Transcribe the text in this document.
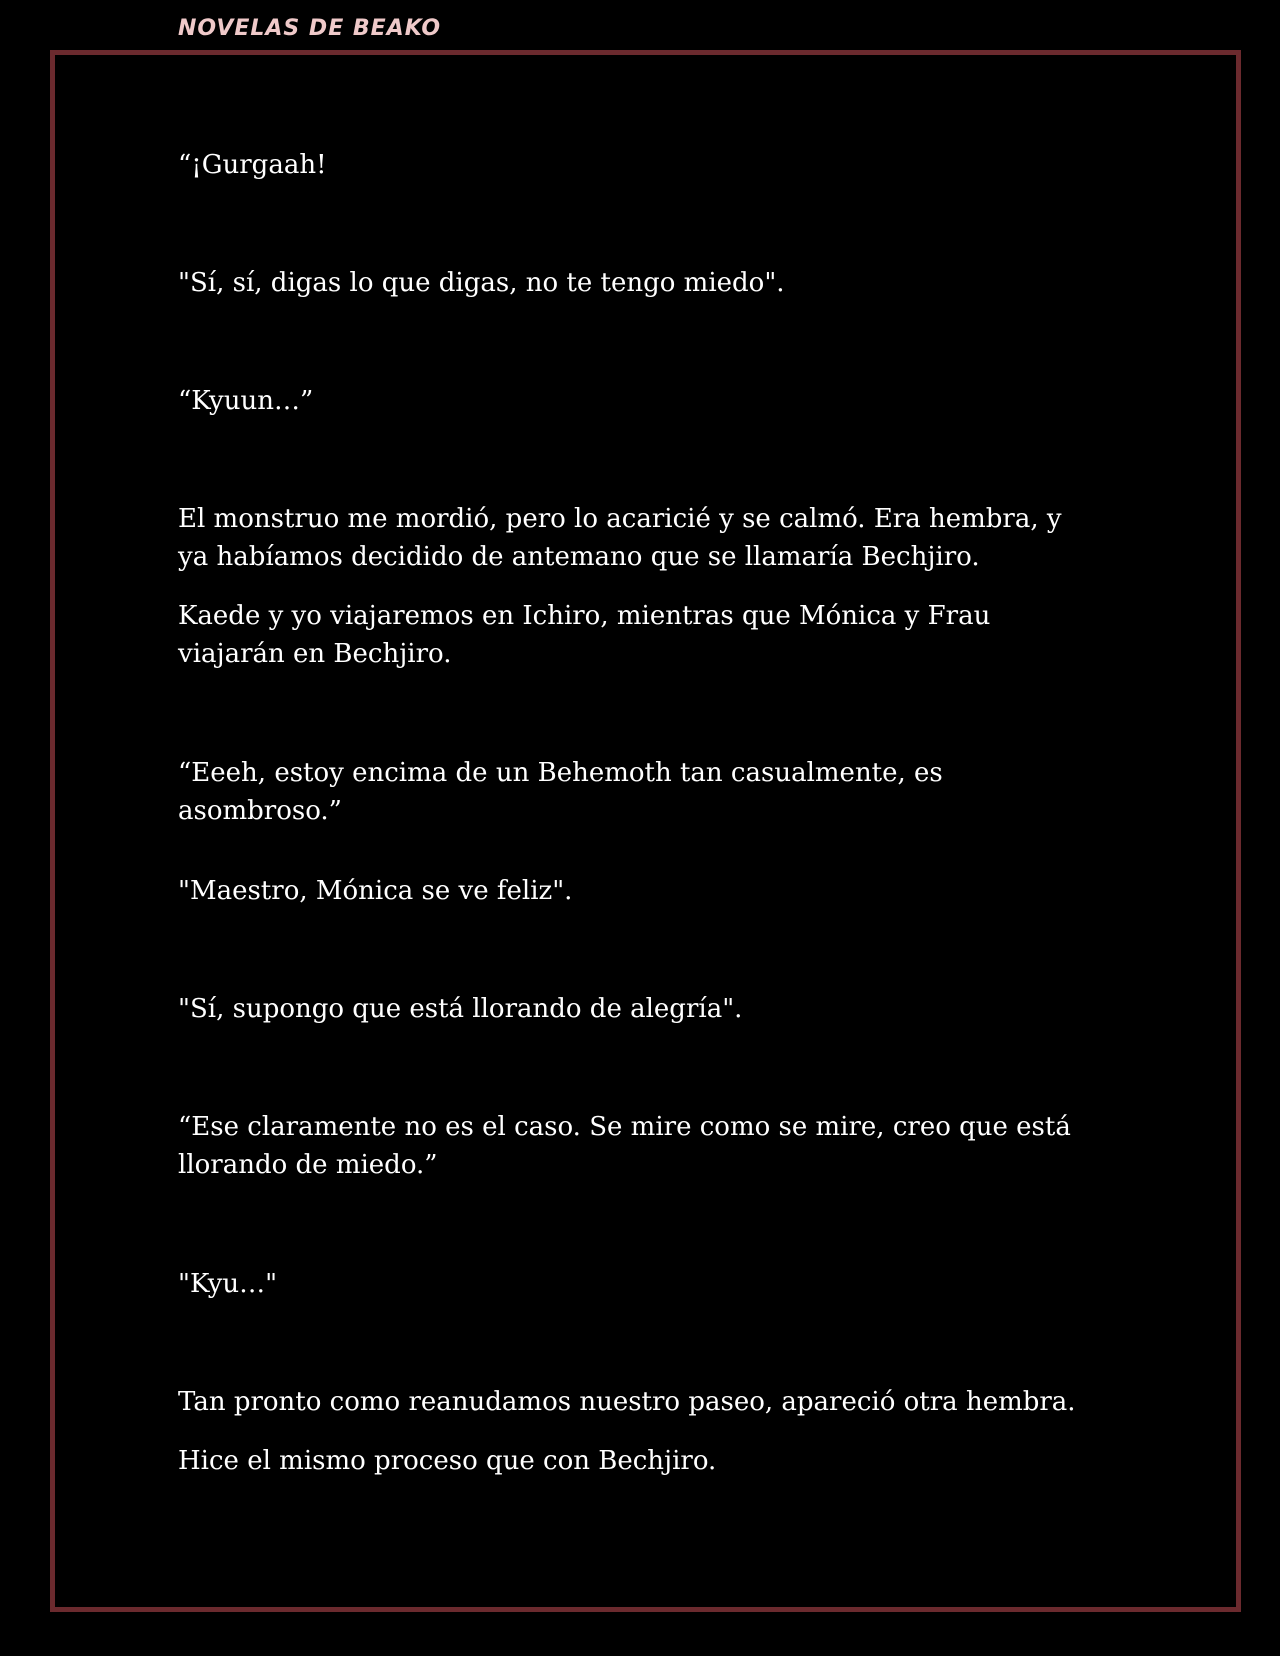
NOVELAS DE BEAKO

“¡Gurgaah!

"Sí, sí, digas lo que digas, no te tengo miedo".

“Kyuun…”

El monstruo me mordió, pero lo acaricié y se calmó. Era hembra, y ya habíamos decidido de antemano que se llamaría Bechjiro.

Kaede y yo viajaremos en Ichiro, mientras que Mónica y Frau viajarán en Bechjiro.

“Eeeh, estoy encima de un Behemoth tan casualmente, es asombroso.”

"Maestro, Mónica se ve feliz".

"Sí, supongo que está llorando de alegría".

“Ese claramente no es el caso. Se mire como se mire, creo que está llorando de miedo.”

"Kyu…"

Tan pronto como reanudamos nuestro paseo, apareció otra hembra.

Hice el mismo proceso que con Bechjiro.
